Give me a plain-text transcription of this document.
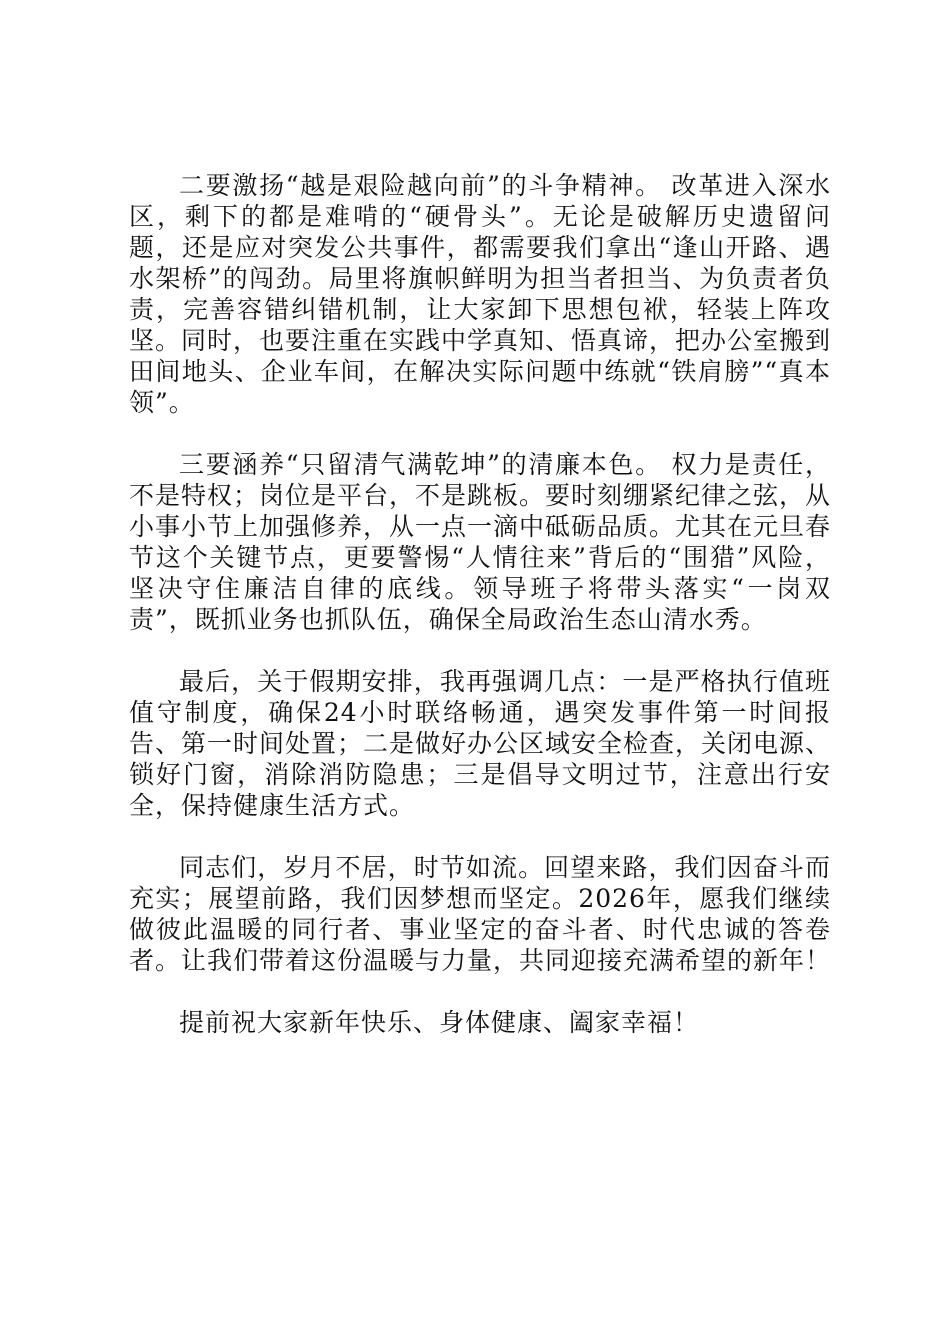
二要激扬“越是艰险越向前”的斗争精神。 改革进入深水区，剩下的都是难啃的“硬骨头”。无论是破解历史遗留问题，还是应对突发公共事件，都需要我们拿出“逢山开路、遇水架桥”的闯劲。局里将旗帜鲜明为担当者担当、为负责者负责，完善容错纠错机制，让大家卸下思想包袱，轻装上阵攻坚。同时，也要注重在实践中学真知、悟真谛，把办公室搬到田间地头、企业车间，在解决实际问题中练就“铁肩膀”“真本领”。

三要涵养“只留清气满乾坤”的清廉本色。 权力是责任，不是特权；岗位是平台，不是跳板。要时刻绷紧纪律之弦，从小事小节上加强修养，从一点一滴中砥砺品质。尤其在元旦春节这个关键节点，更要警惕“人情往来”背后的“围猎”风险，坚决守住廉洁自律的底线。领导班子将带头落实“一岗双责”，既抓业务也抓队伍，确保全局政治生态山清水秀。

最后，关于假期安排，我再强调几点：一是严格执行值班值守制度，确保24小时联络畅通，遇突发事件第一时间报告、第一时间处置；二是做好办公区域安全检查，关闭电源、锁好门窗，消除消防隐患；三是倡导文明过节，注意出行安全，保持健康生活方式。

同志们，岁月不居，时节如流。回望来路，我们因奋斗而充实；展望前路，我们因梦想而坚定。2026年，愿我们继续做彼此温暖的同行者、事业坚定的奋斗者、时代忠诚的答卷者。让我们带着这份温暖与力量，共同迎接充满希望的新年！

提前祝大家新年快乐、身体健康、阖家幸福！
